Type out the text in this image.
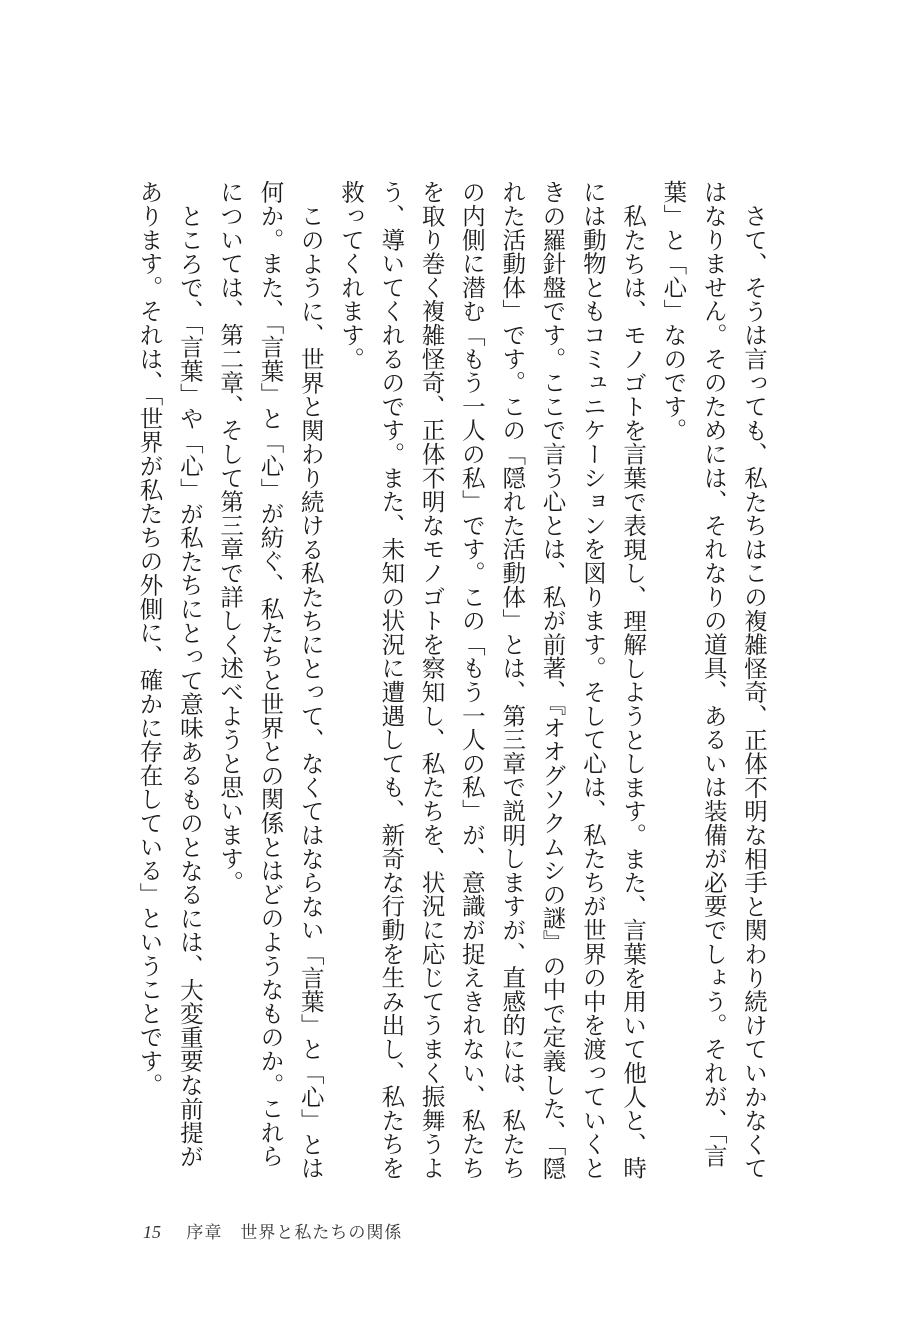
さて、そうは言っても、私たちはこの複雑怪奇、正体不明な相手と関わり続けていかなくてはなりません。そのためには、それなりの道具、あるいは装備が必要でしょう。それが、「言葉」と「心」なのです。

私たちは、モノゴトを言葉で表現し、理解しようとします。また、言葉を用いて他人と、時には動物ともコミュニケーションを図ります。そして心は、私たちが世界の中を渡っていくときの羅針盤です。ここで言う心とは、私が前著、『オオグソクムシの謎』の中で定義した、「隠れた活動体」です。この「隠れた活動体」とは、第三章で説明しますが、直感的には、私たちの内側に潜む「もう一人の私」です。この「もう一人の私」が、意識が捉えきれない、私たちを取り巻く複雑怪奇、正体不明なモノゴトを察知し、私たちを、状況に応じてうまく振舞うよう、導いてくれるのです。また、未知の状況に遭遇しても、新奇な行動を生み出し、私たちを救ってくれます。

このように、世界と関わり続ける私たちにとって、なくてはならない「言葉」と「心」とは何か。また、「言葉」と「心」が紡ぐ、私たちと世界との関係とはどのようなものか。これらについては、第二章、そして第三章で詳しく述べようと思います。

ところで、「言葉」や「心」が私たちにとって意味あるものとなるには、大変重要な前提があります。それは、「世界が私たちの外側に、確かに存在している」ということです。

15 序章　世界と私たちの関係
